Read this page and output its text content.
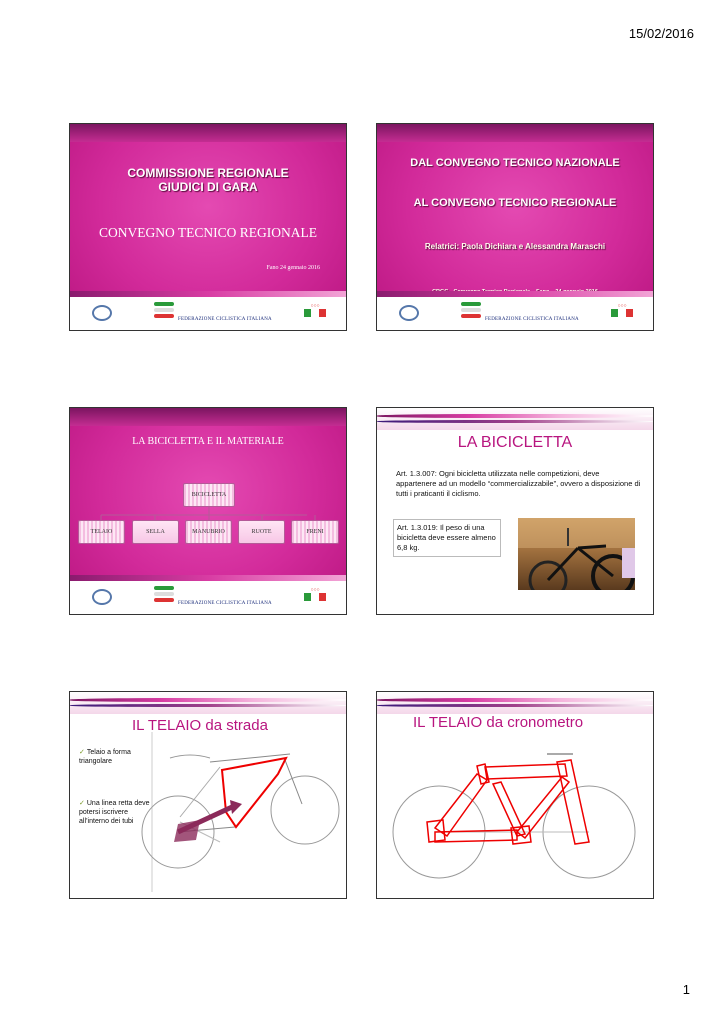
15/02/2016
COMMISSIONE REGIONALE
GIUDICI DI GARA
CONVEGNO TECNICO REGIONALE
Fano 24 gennaio 2016
FEDERAZIONE CICLISTICA ITALIANA
○○○
DAL CONVEGNO TECNICO NAZIONALE
AL CONVEGNO TECNICO REGIONALE
Relatrici: Paola Dichiara e Alessandra Maraschi
FEDERAZIONE CICLISTICA ITALIANA
○○○
LA BICICLETTA E IL MATERIALE
BICICLETTA
TELAIO	SELLA	MANUBRIO	RUOTE	FRENI
FEDERAZIONE CICLISTICA ITALIANA
○○○
LA BICICLETTA
Art. 1.3.007: Ogni bicicletta utilizzata nelle competizioni, deve appartenere ad un modello “commercializzabile”, ovvero a disposizione di tutti i praticanti il ciclismo.
Art. 1.3.019: Il peso di una bicicletta deve essere almeno 6,8 kg.
IL TELAIO da strada
✓ Telaio a forma triangolare
✓ Una linea retta deve potersi iscrivere all’interno dei tubi
IL TELAIO da cronometro
1
